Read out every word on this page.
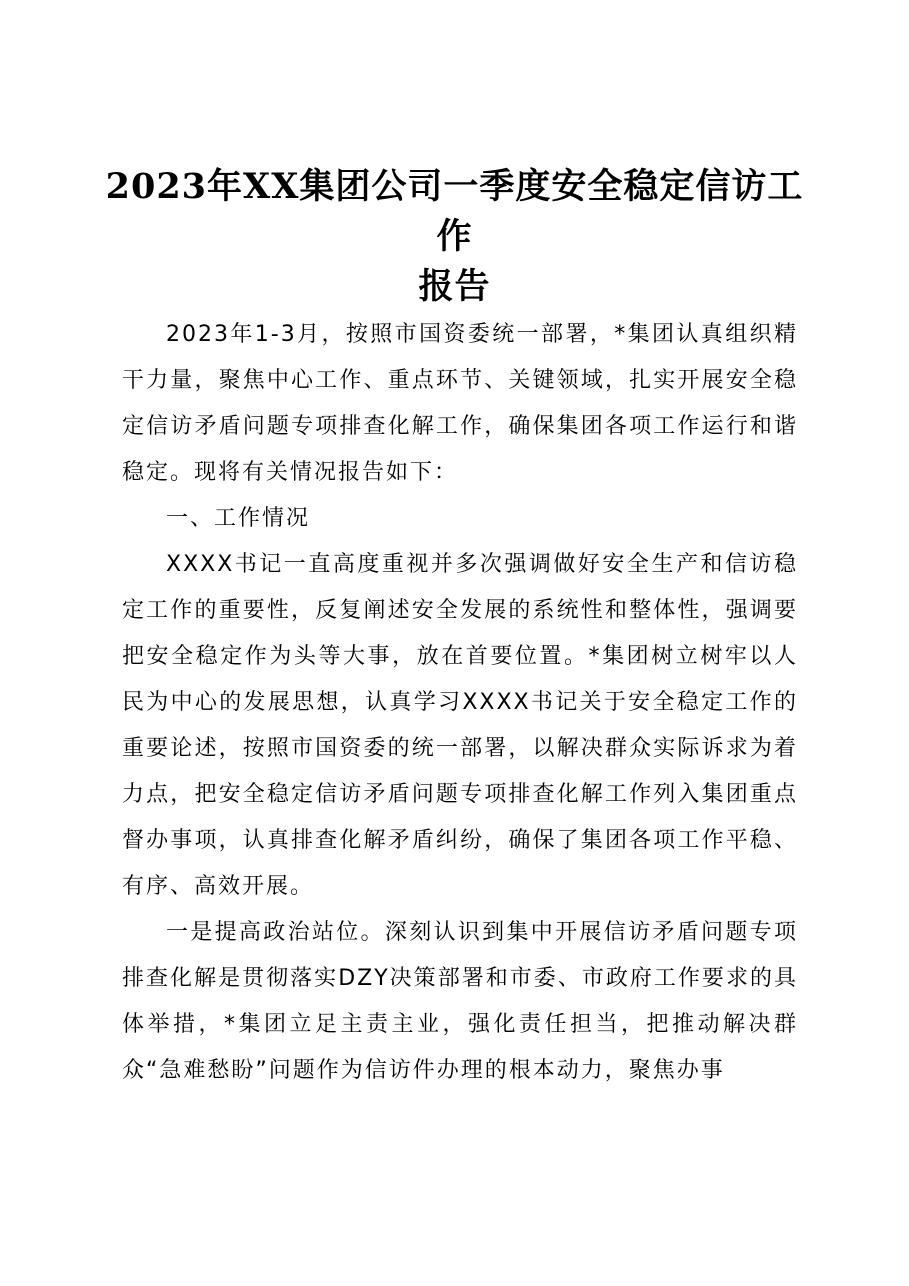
2023年XX集团公司一季度安全稳定信访工作
报告

2023年1-3月，按照市国资委统一部署，*集团认真组织精干力量，聚焦中心工作、重点环节、关键领域，扎实开展安全稳定信访矛盾问题专项排查化解工作，确保集团各项工作运行和谐稳定。现将有关情况报告如下：

一、工作情况

XXXX书记一直高度重视并多次强调做好安全生产和信访稳定工作的重要性，反复阐述安全发展的系统性和整体性，强调要把安全稳定作为头等大事，放在首要位置。*集团树立树牢以人民为中心的发展思想，认真学习XXXX书记关于安全稳定工作的重要论述，按照市国资委的统一部署，以解决群众实际诉求为着力点，把安全稳定信访矛盾问题专项排查化解工作列入集团重点督办事项，认真排查化解矛盾纠纷，确保了集团各项工作平稳、有序、高效开展。

一是提高政治站位。深刻认识到集中开展信访矛盾问题专项排查化解是贯彻落实DZY决策部署和市委、市政府工作要求的具体举措，*集团立足主责主业，强化责任担当，把推动解决群众“急难愁盼”问题作为信访件办理的根本动力，聚焦办事
